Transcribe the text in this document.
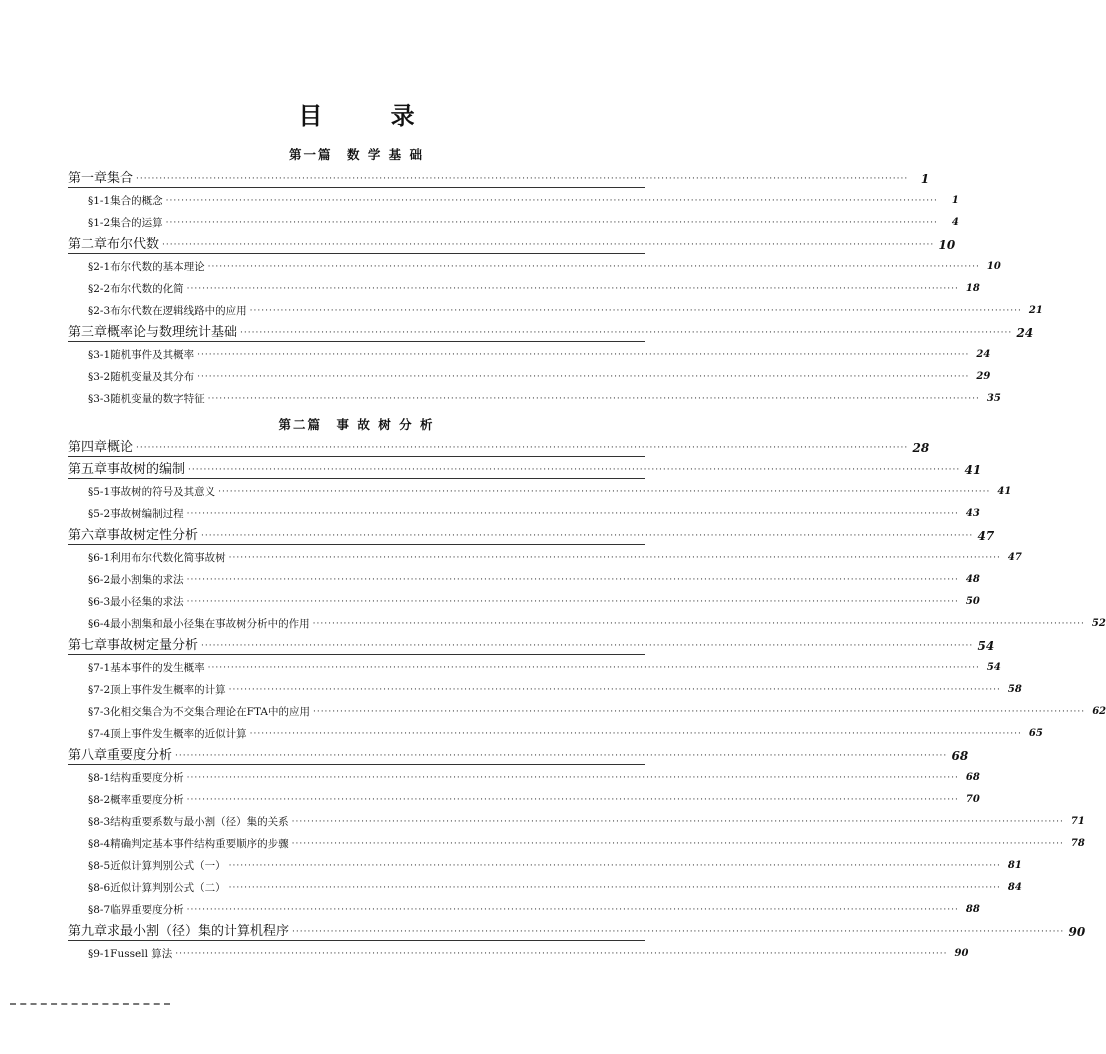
目 录
第一篇　数 学 基 础
第一章 集合 ········································································································································································································	1
§1-1 集合的概念 ········································································································································································································	1
§1-2 集合的运算 ········································································································································································································	4
第二章 布尔代数 ········································································································································································································ 10
§2-1 布尔代数的基本理论 ········································································································································································································ 10
§2-2 布尔代数的化简 ········································································································································································································ 18
§2-3 布尔代数在逻辑线路中的应用 ········································································································································································································ 21
第三章 概率论与数理统计基础 ········································································································································································································ 24
§3-1 随机事件及其概率 ········································································································································································································ 24
§3-2 随机变量及其分布 ········································································································································································································ 29
§3-3 随机变量的数字特征 ········································································································································································································ 35
第二篇　事 故 树 分 析
第四章 概论 ········································································································································································································ 28
第五章 事故树的编制 ········································································································································································································ 41
§5-1 事故树的符号及其意义 ········································································································································································································ 41
§5-2 事故树编制过程 ········································································································································································································ 43
第六章 事故树定性分析 ········································································································································································································ 47
§6-1 利用布尔代数化简事故树 ········································································································································································································ 47
§6-2 最小割集的求法 ········································································································································································································ 48
§6-3 最小径集的求法 ········································································································································································································ 50
§6-4 最小割集和最小径集在事故树分析中的作用 ········································································································································································································ 52
第七章 事故树定量分析 ········································································································································································································ 54
§7-1 基本事件的发生概率 ········································································································································································································ 54
§7-2 顶上事件发生概率的计算 ········································································································································································································ 58
§7-3 化相交集合为不交集合理论在FTA中的应用 ········································································································································································································ 62
§7-4 顶上事件发生概率的近似计算 ········································································································································································································ 65
第八章 重要度分析 ········································································································································································································ 68
§8-1 结构重要度分析 ········································································································································································································ 68
§8-2 概率重要度分析 ········································································································································································································ 70
§8-3 结构重要系数与最小割（径）集的关系 ········································································································································································································ 71
§8-4 精确判定基本事件结构重要顺序的步骤 ········································································································································································································ 78
§8-5 近似计算判别公式（一） ········································································································································································································ 81
§8-6 近似计算判别公式（二） ········································································································································································································ 84
§8-7 临界重要度分析 ········································································································································································································ 88
第九章 求最小割（径）集的计算机程序 ········································································································································································································ 90
§9-1 Fussell 算法 ········································································································································································································ 90
